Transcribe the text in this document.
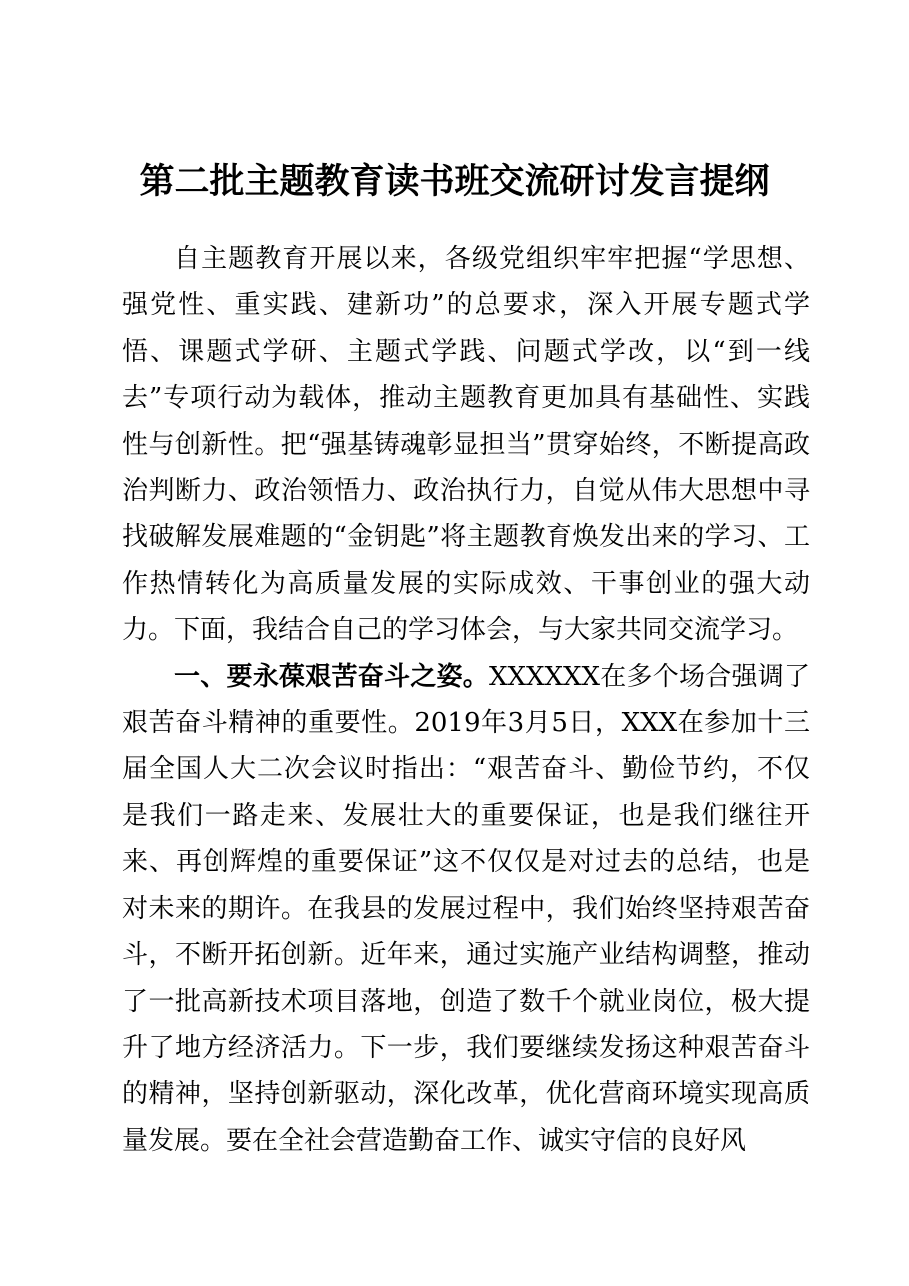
第二批主题教育读书班交流研讨发言提纲

自主题教育开展以来，各级党组织牢牢把握“学思想、强党性、重实践、建新功”的总要求，深入开展专题式学悟、课题式学研、主题式学践、问题式学改，以“到一线去”专项行动为载体，推动主题教育更加具有基础性、实践性与创新性。把“强基铸魂彰显担当”贯穿始终，不断提高政治判断力、政治领悟力、政治执行力，自觉从伟大思想中寻找破解发展难题的“金钥匙”将主题教育焕发出来的学习、工作热情转化为高质量发展的实际成效、干事创业的强大动力。下面，我结合自己的学习体会，与大家共同交流学习。

一、要永葆艰苦奋斗之姿。XXXXXX在多个场合强调了艰苦奋斗精神的重要性。2019年3月5日，XXX在参加十三届全国人大二次会议时指出：“艰苦奋斗、勤俭节约，不仅是我们一路走来、发展壮大的重要保证，也是我们继往开来、再创辉煌的重要保证”这不仅仅是对过去的总结，也是对未来的期许。在我县的发展过程中，我们始终坚持艰苦奋斗，不断开拓创新。近年来，通过实施产业结构调整，推动了一批高新技术项目落地，创造了数千个就业岗位，极大提升了地方经济活力。下一步，我们要继续发扬这种艰苦奋斗的精神，坚持创新驱动，深化改革，优化营商环境实现高质量发展。要在全社会营造勤奋工作、诚实守信的良好风
